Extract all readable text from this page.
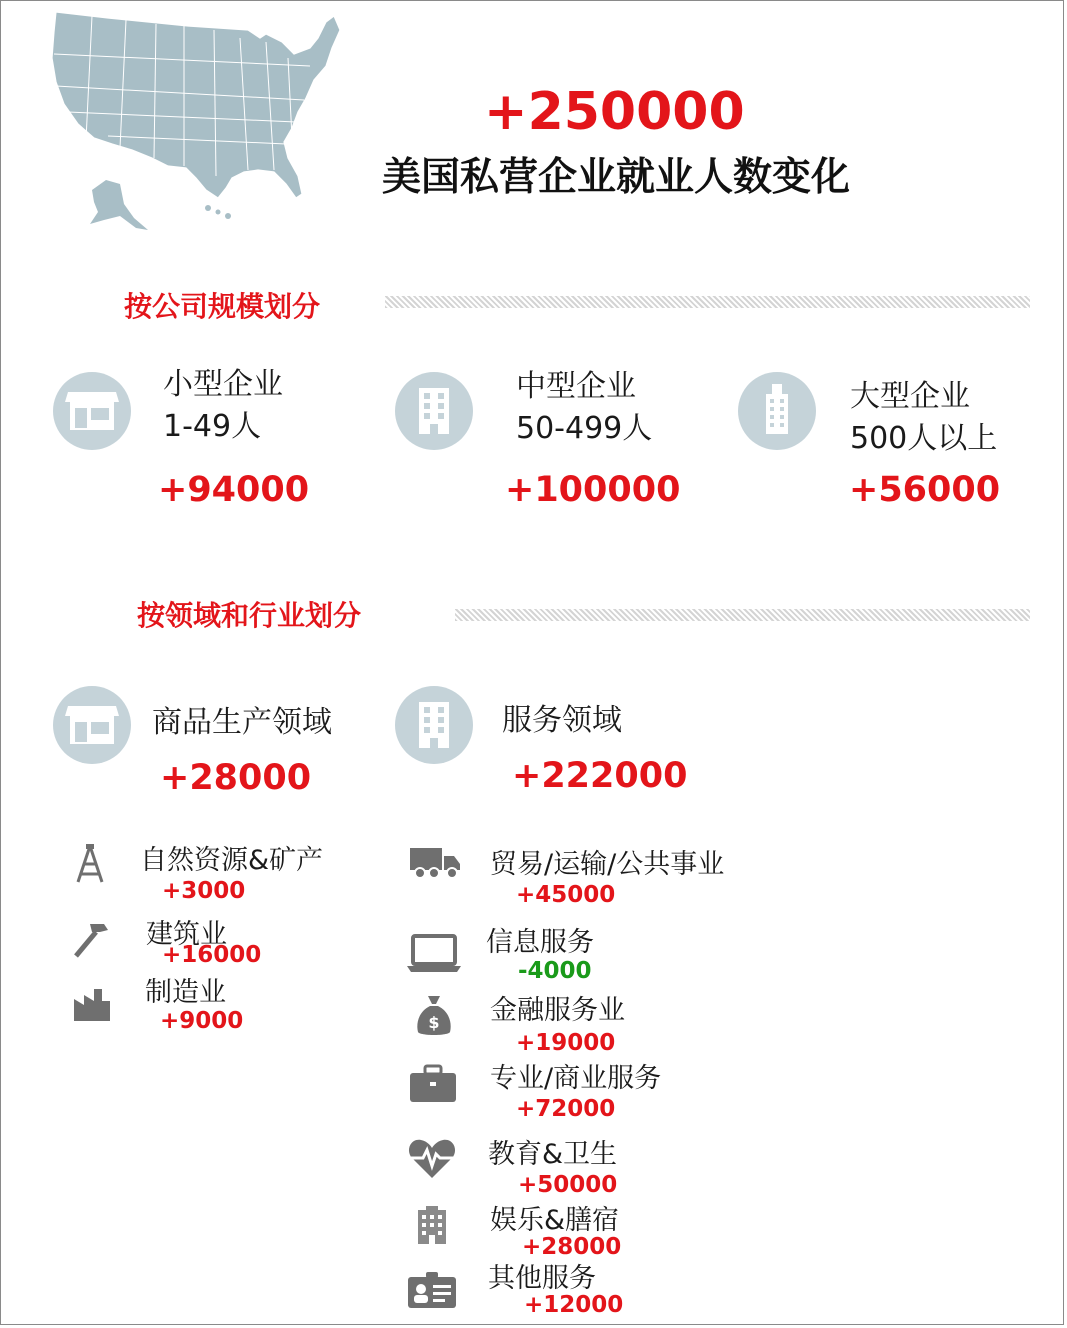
+250000
美国私营企业就业人数变化
按公司规模划分
小型企业
1-49人
+94000
中型企业
50-499人
+100000
大型企业
500人以上
+56000
按领域和行业划分
商品生产领域
+28000
服务领域
+222000
自然资源&矿产
+3000
建筑业
+16000
制造业
+9000
贸易/运输/公共事业
+45000
信息服务
-4000
$ 金融服务业
+19000
专业/商业服务
+72000
教育&卫生
+50000
娱乐&膳宿
+28000
其他服务
+12000
